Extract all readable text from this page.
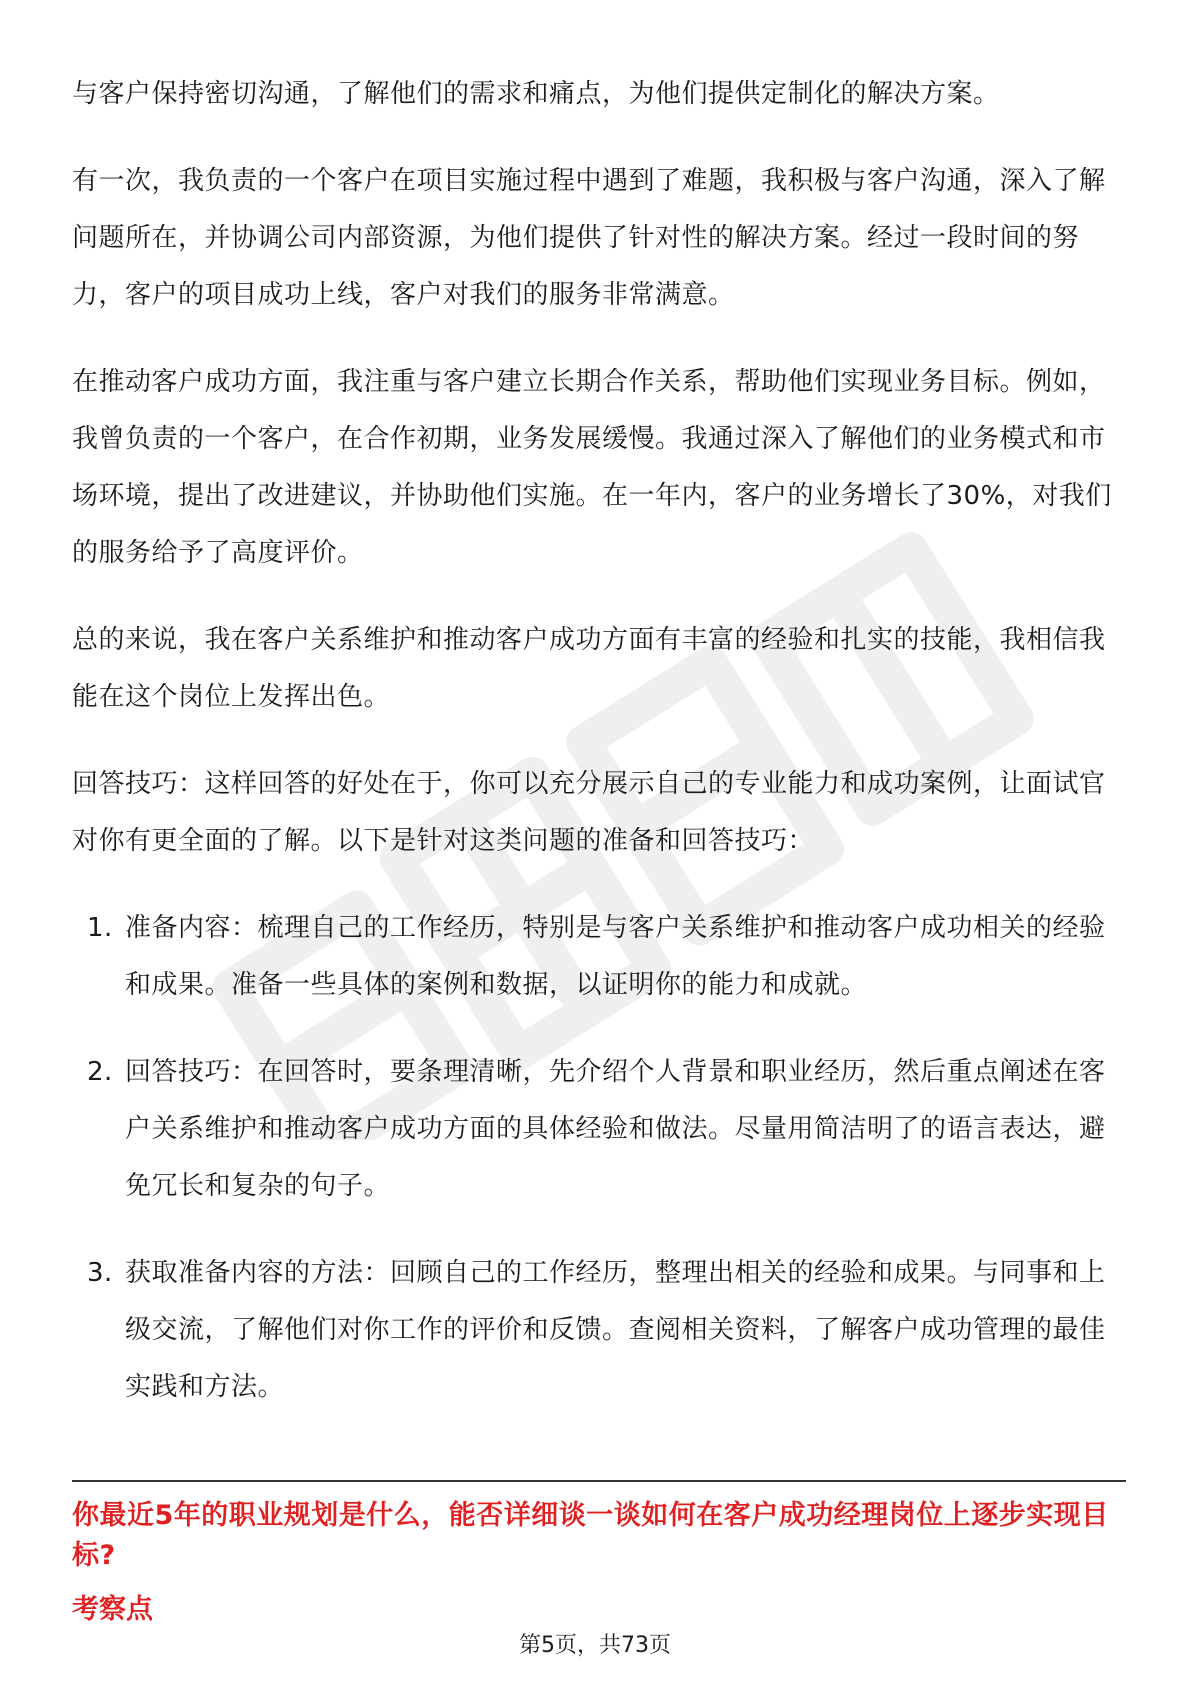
与客户保持密切沟通，了解他们的需求和痛点，为他们提供定制化的解决方案。

有一次，我负责的一个客户在项目实施过程中遇到了难题，我积极与客户沟通，深入了解问题所在，并协调公司内部资源，为他们提供了针对性的解决方案。经过一段时间的努力，客户的项目成功上线，客户对我们的服务非常满意。

在推动客户成功方面，我注重与客户建立长期合作关系，帮助他们实现业务目标。例如，我曾负责的一个客户，在合作初期，业务发展缓慢。我通过深入了解他们的业务模式和市场环境，提出了改进建议，并协助他们实施。在一年内，客户的业务增长了30%，对我们的服务给予了高度评价。

总的来说，我在客户关系维护和推动客户成功方面有丰富的经验和扎实的技能，我相信我能在这个岗位上发挥出色。

回答技巧：这样回答的好处在于，你可以充分展示自己的专业能力和成功案例，让面试官对你有更全面的了解。以下是针对这类问题的准备和回答技巧：

1. 准备内容：梳理自己的工作经历，特别是与客户关系维护和推动客户成功相关的经验和成果。准备一些具体的案例和数据，以证明你的能力和成就。
2. 回答技巧：在回答时，要条理清晰，先介绍个人背景和职业经历，然后重点阐述在客户关系维护和推动客户成功方面的具体经验和做法。尽量用简洁明了的语言表达，避免冗长和复杂的句子。
3. 获取准备内容的方法：回顾自己的工作经历，整理出相关的经验和成果。与同事和上级交流，了解他们对你工作的评价和反馈。查阅相关资料，了解客户成功管理的最佳实践和方法。
你最近5年的职业规划是什么，能否详细谈一谈如何在客户成功经理岗位上逐步实现目标?
考察点
第5页，共73页
